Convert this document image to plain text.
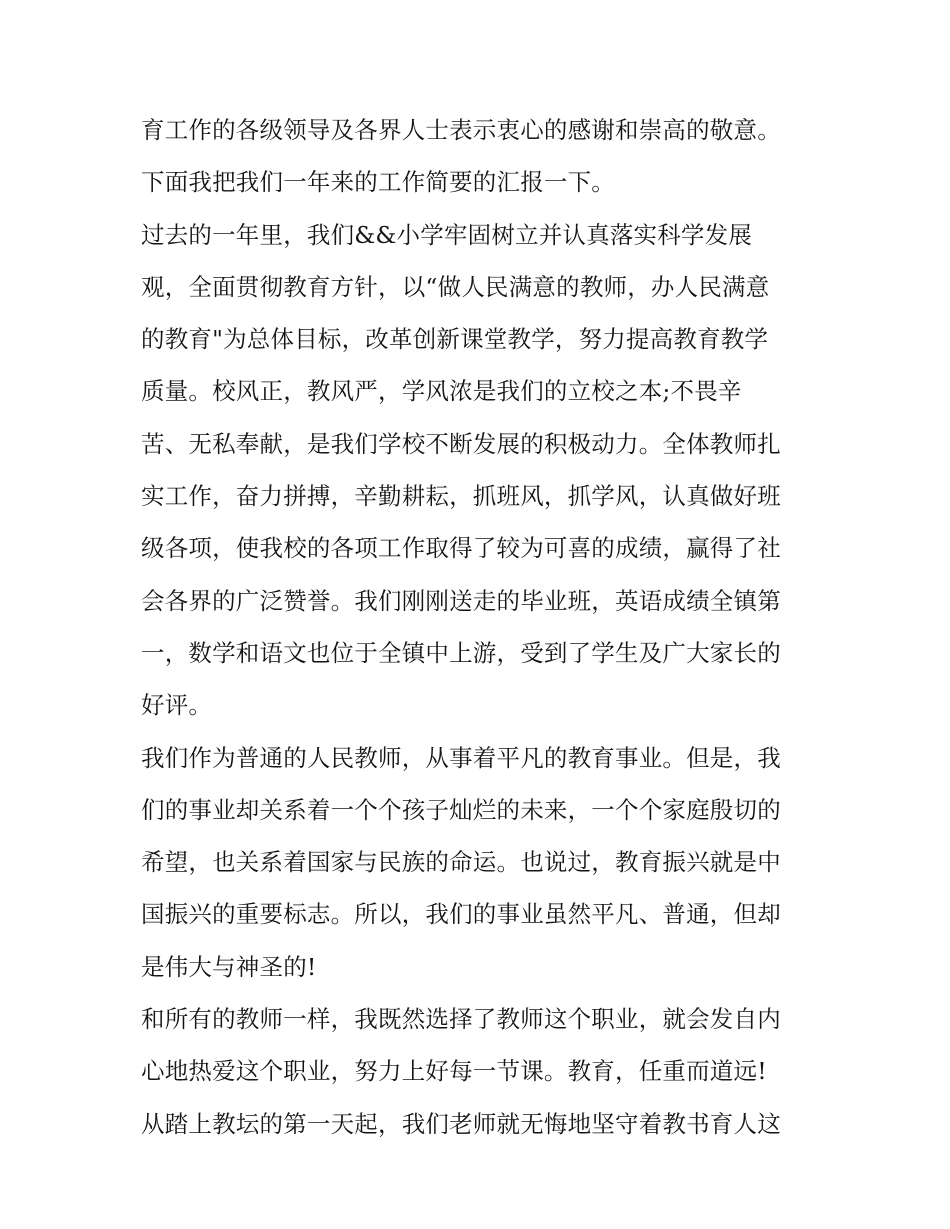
育工作的各级领导及各界人士表示衷心的感谢和崇高的敬意。
下面我把我们一年来的工作简要的汇报一下。
过去的一年里，我们&&小学牢固树立并认真落实科学发展
观，全面贯彻教育方针，以“做人民满意的教师，办人民满意
的教育"为总体目标，改革创新课堂教学，努力提高教育教学
质量。校风正，教风严，学风浓是我们的立校之本;不畏辛
苦、无私奉献，是我们学校不断发展的积极动力。全体教师扎
实工作，奋力拼搏，辛勤耕耘，抓班风，抓学风，认真做好班
级各项，使我校的各项工作取得了较为可喜的成绩，赢得了社
会各界的广泛赞誉。我们刚刚送走的毕业班，英语成绩全镇第
一，数学和语文也位于全镇中上游，受到了学生及广大家长的
好评。
我们作为普通的人民教师，从事着平凡的教育事业。但是，我
们的事业却关系着一个个孩子灿烂的未来，一个个家庭殷切的
希望，也关系着国家与民族的命运。也说过，教育振兴就是中
国振兴的重要标志。所以，我们的事业虽然平凡、普通，但却
是伟大与神圣的!
和所有的教师一样，我既然选择了教师这个职业，就会发自内
心地热爱这个职业，努力上好每一节课。教育，任重而道远!
从踏上教坛的第一天起，我们老师就无悔地坚守着教书育人这
